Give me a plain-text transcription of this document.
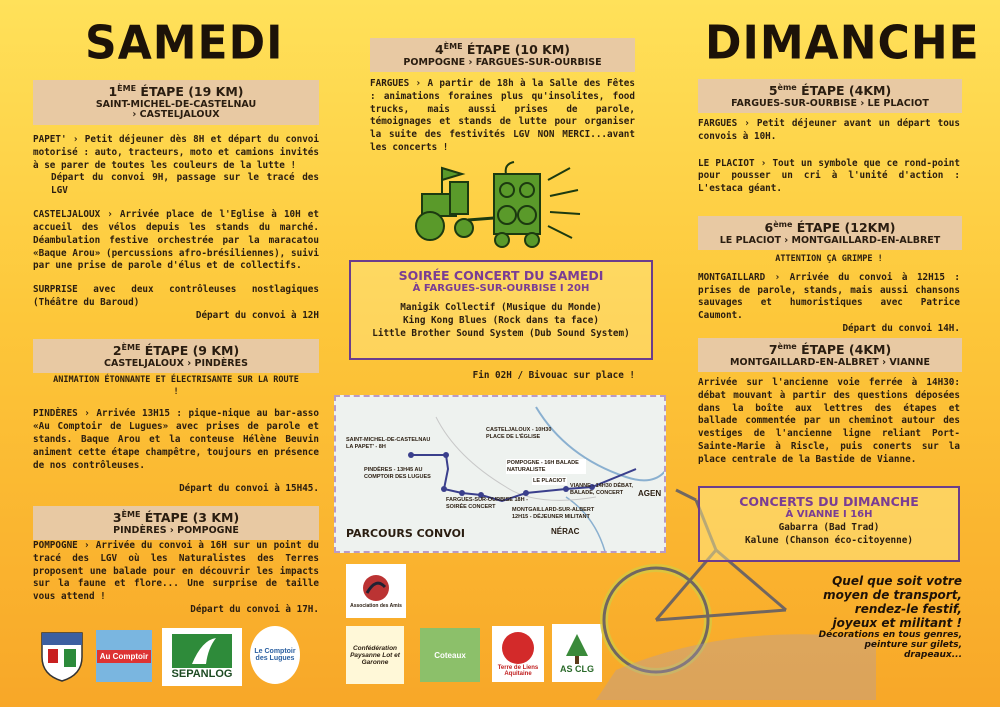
SAMEDI
1ÈME ÉTAPE (19 KM)
SAINT-MICHEL-DE-CASTELNAU
› CASTELJALOUX

PAPET' › Petit déjeuner dès 8H et départ du convoi motorisé : auto, tracteurs, moto et camions invités à se parer de toutes les couleurs de la lutte !

Départ du convoi 9H, passage sur le tracé des LGV

CASTELJALOUX › Arrivée place de l'Eglise à 10H et accueil des vélos depuis les stands du marché. Déambulation festive orchestrée par la maracatou «Baque Arou» (percussions afro-brésiliennes), suivi par une prise de parole d'élus et de collectifs.

SURPRISE avec deux contrôleuses nostlagiques (Théâtre du Baroud)

Départ du convoi à 12H

2ÈME ÉTAPE (9 KM)
CASTELJALOUX › PINDÈRES

ANIMATION ÉTONNANTE ET ÉLECTRISANTE SUR LA ROUTE !

PINDÈRES › Arrivée 13H15 : pique-nique au bar-asso «Au Comptoir de Lugues» avec prises de parole et stands. Baque Arou et la conteuse Hélène Beuvin animent cette étape champêtre, toujours en présence de nos contrôleuses.

Départ du convoi à 15H45.

3ÈME ÉTAPE (3 KM)
PINDÈRES › POMPOGNE

POMPOGNE › Arrivée du convoi à 16H sur un point du tracé des LGV où les Naturalistes des Terres proposent une balade pour en découvrir les impacts sur la faune et flore... Une surprise de taille vous attend !

Départ du convoi à 17H.

Au Comptoir
SEPANLOG
Le Comptoir des Lugues
4ÈME ÉTAPE (10 KM)
POMPOGNE › FARGUES-SUR-OURBISE

FARGUES › A partir de 18h à la Salle des Fêtes : animations foraines plus qu'insolites, food trucks, mais aussi prises de parole, témoignages et stands de lutte pour organiser la suite des festivités LGV NON MERCI...avant les concerts !

SOIRÉE CONCERT DU SAMEDI
À FARGUES-SUR-OURBISE I 20H

Manigik Collectif (Musique du Monde)

King Kong Blues (Rock dans ta face)

Little Brother Sound System (Dub Sound System)

Fin 02H / Bivouac sur place !
SAINT-MICHEL-DE-CASTELNAU LA PAPET' - 8H
CASTELJALOUX - 10H30 PLACE DE L'ÉGLISE
PINDÈRES - 13H45 AU COMPTOIR DES LUGUES
POMPOGNE - 16H BALADE NATURALISTE
FARGUES-SUR-OURBISE 18H - SOIRÉE CONCERT
LE PLACIOT
MONTGAILLARD-SUR-ALBERT 12H15 - DÉJEUNER MILITANT
VIANNE - 14H30 DÉBAT, BALADE, CONCERT	AGEN
NÉRAC
PARCOURS CONVOI
Association des Amis
Confédération Paysanne Lot et Garonne
Coteaux
Terre de Liens Aquitaine	AS CLG
DIMANCHE
5ème ÉTAPE (4KM)
FARGUES-SUR-OURBISE › LE PLACIOT

FARGUES › Petit déjeuner avant un départ tous convois à 10H.

LE PLACIOT › Tout un symbole que ce rond-point pour pousser un cri à l'unité d'action : L'estaca géant.

6ème ÉTAPE (12KM)
LE PLACIOT › MONTGAILLARD-EN-ALBRET

ATTENTION ÇA GRIMPE !

MONTGAILLARD › Arrivée du convoi à 12H15 : prises de parole, stands, mais aussi chansons sauvages et humoristiques avec Patrice Caumont.

Départ du convoi 14H.

7ème ÉTAPE (4KM)
MONTGAILLARD-EN-ALBRET › VIANNE

Arrivée sur l'ancienne voie ferrée à 14H30: débat mouvant à partir des questions déposées dans la boîte aux lettres des étapes et ballade commentée par un cheminot autour des vestiges de l'ancienne ligne reliant Port-Sainte-Marie à Riscle, puis conerts sur la place centrale de la Bastide de Vianne.

CONCERTS DU DIMANCHE
À VIANNE I 16H

Gabarra (Bad Trad)

Kalune (Chanson éco-citoyenne)

Quel que soit votre
moyen de transport,
rendez-le festif,
joyeux et militant !
Décorations en tous genres,
peinture sur gilets,
drapeaux...
